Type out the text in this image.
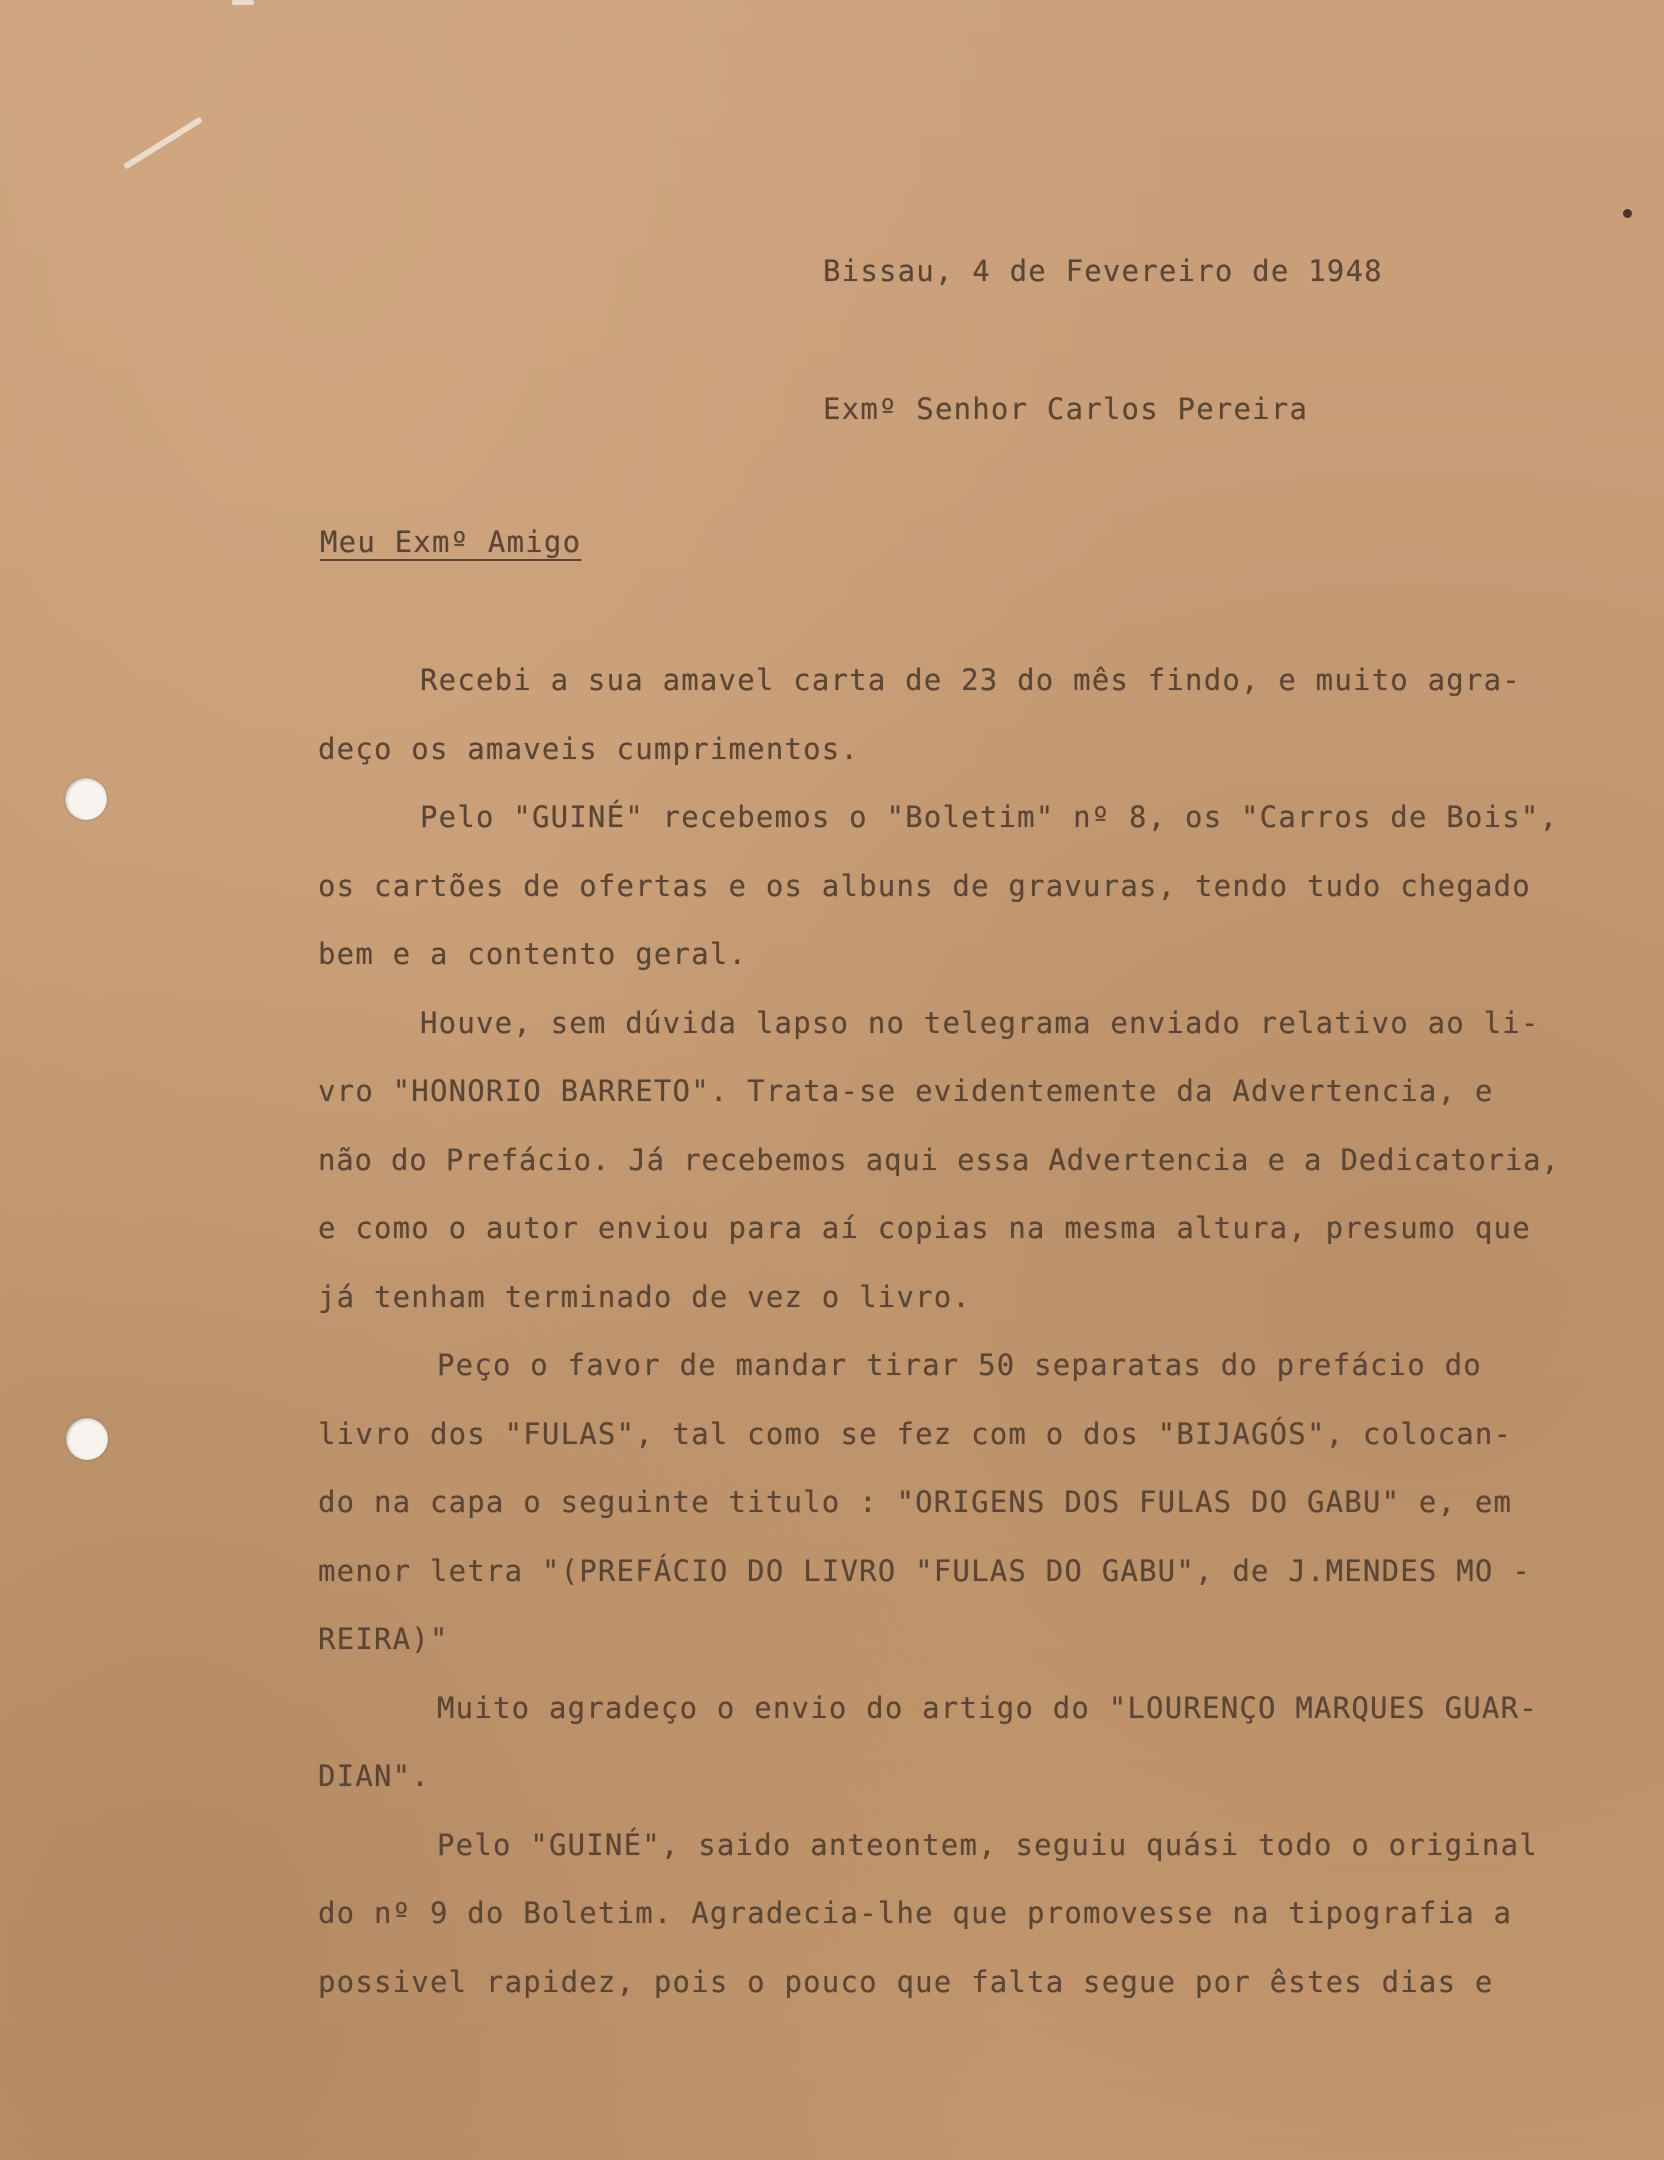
Bissau, 4 de Fevereiro de 1948
Exmº Senhor Carlos Pereira
Meu Exmº Amigo
Recebi a sua amavel carta de 23 do mês findo, e muito agra-
deço os amaveis cumprimentos.
Pelo "GUINÉ" recebemos o "Boletim" nº 8, os "Carros de Bois",
os cartões de ofertas e os albuns de gravuras, tendo tudo chegado
bem e a contento geral.
Houve, sem dúvida lapso no telegrama enviado relativo ao li-
vro "HONORIO BARRETO". Trata-se evidentemente da Advertencia, e
não do Prefácio. Já recebemos aqui essa Advertencia e a Dedicatoria,
e como o autor enviou para aí copias na mesma altura, presumo que
já tenham terminado de vez o livro.
Peço o favor de mandar tirar 50 separatas do prefácio do
livro dos "FULAS", tal como se fez com o dos "BIJAGÓS", colocan-
do na capa o seguinte titulo : "ORIGENS DOS FULAS DO GABU" e, em
menor letra "(PREFÁCIO DO LIVRO "FULAS DO GABU", de J.MENDES MO -
REIRA)"
Muito agradeço o envio do artigo do "LOURENÇO MARQUES GUAR-
DIAN".
Pelo "GUINÉ", saido anteontem, seguiu quási todo o original
do nº 9 do Boletim. Agradecia-lhe que promovesse na tipografia a
possivel rapidez, pois o pouco que falta segue por êstes dias e
